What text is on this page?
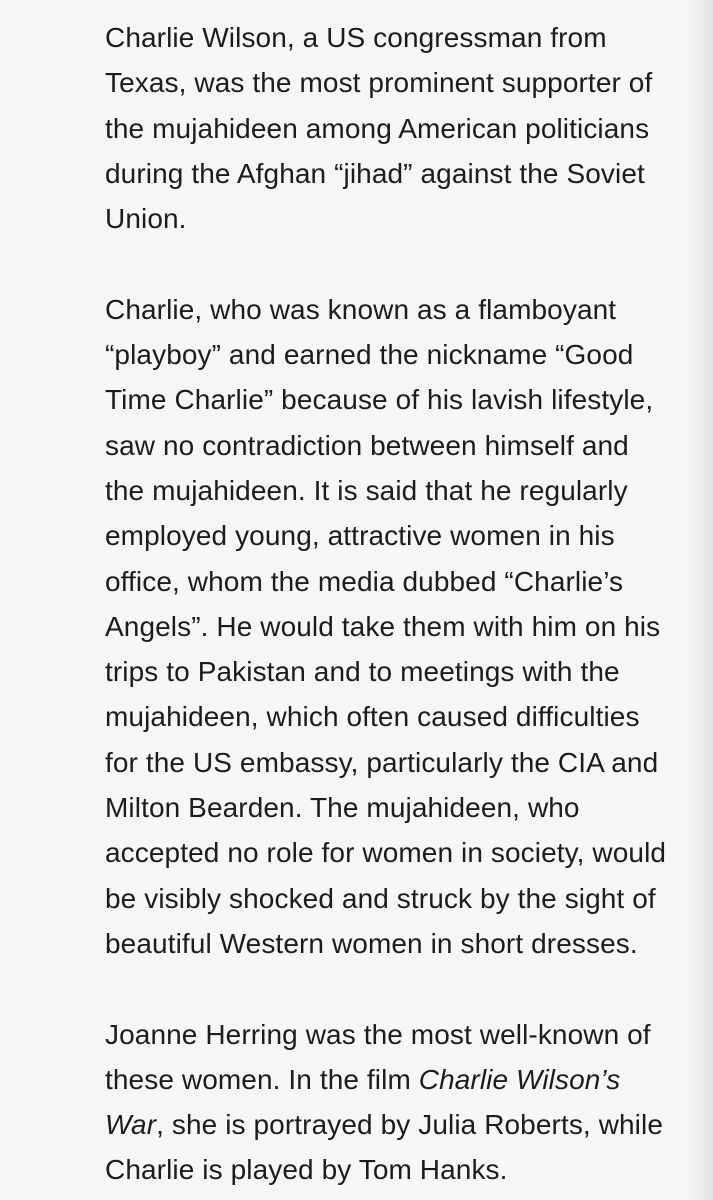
Charlie Wilson, a US congressman from
Texas, was the most prominent supporter of
the mujahideen among American politicians
during the Afghan “jihad” against the Soviet
Union.

Charlie, who was known as a flamboyant
“playboy” and earned the nickname “Good
Time Charlie” because of his lavish lifestyle,
saw no contradiction between himself and
the mujahideen. It is said that he regularly
employed young, attractive women in his
office, whom the media dubbed “Charlie’s
Angels”. He would take them with him on his
trips to Pakistan and to meetings with the
mujahideen, which often caused difficulties
for the US embassy, particularly the CIA and
Milton Bearden. The mujahideen, who
accepted no role for women in society, would
be visibly shocked and struck by the sight of
beautiful Western women in short dresses.

Joanne Herring was the most well-known of
these women. In the film Charlie Wilson’s
War, she is portrayed by Julia Roberts, while
Charlie is played by Tom Hanks.
